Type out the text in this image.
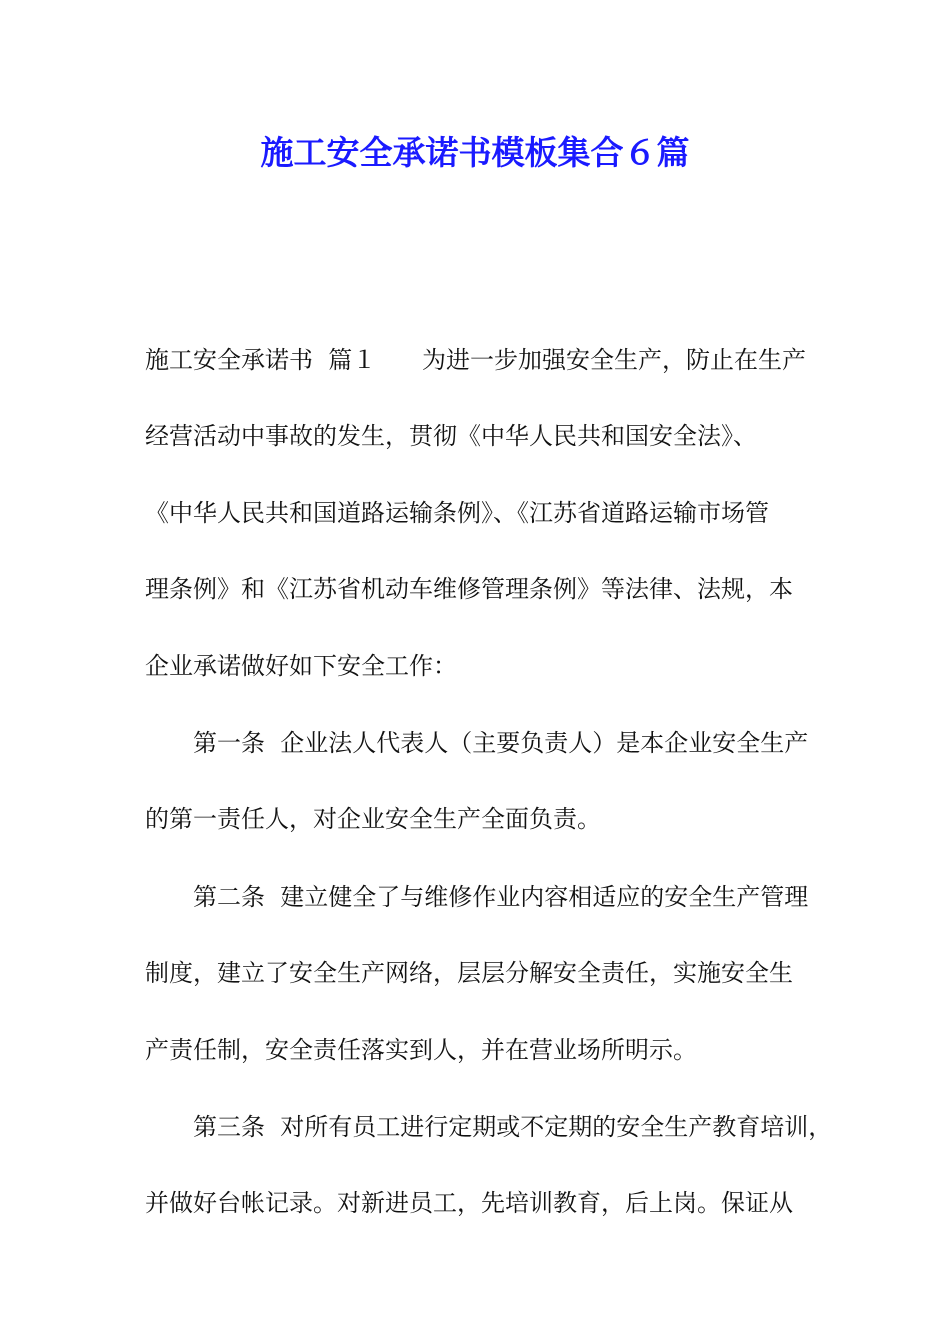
施工安全承诺书模板集合６篇
施工安全承诺书  篇１      为进一步加强安全生产，防止在生产
经营活动中事故的发生，贯彻《中华人民共和国安全法》、
《中华人民共和国道路运输条例》、《江苏省道路运输市场管
理条例》和《江苏省机动车维修管理条例》等法律、法规，本
企业承诺做好如下安全工作：
第一条  企业法人代表人（主要负责人）是本企业安全生产
的第一责任人，对企业安全生产全面负责。
第二条  建立健全了与维修作业内容相适应的安全生产管理
制度，建立了安全生产网络，层层分解安全责任，实施安全生
产责任制，安全责任落实到人，并在营业场所明示。
第三条  对所有员工进行定期或不定期的安全生产教育培训，
并做好台帐记录。对新进员工，先培训教育，后上岗。保证从
